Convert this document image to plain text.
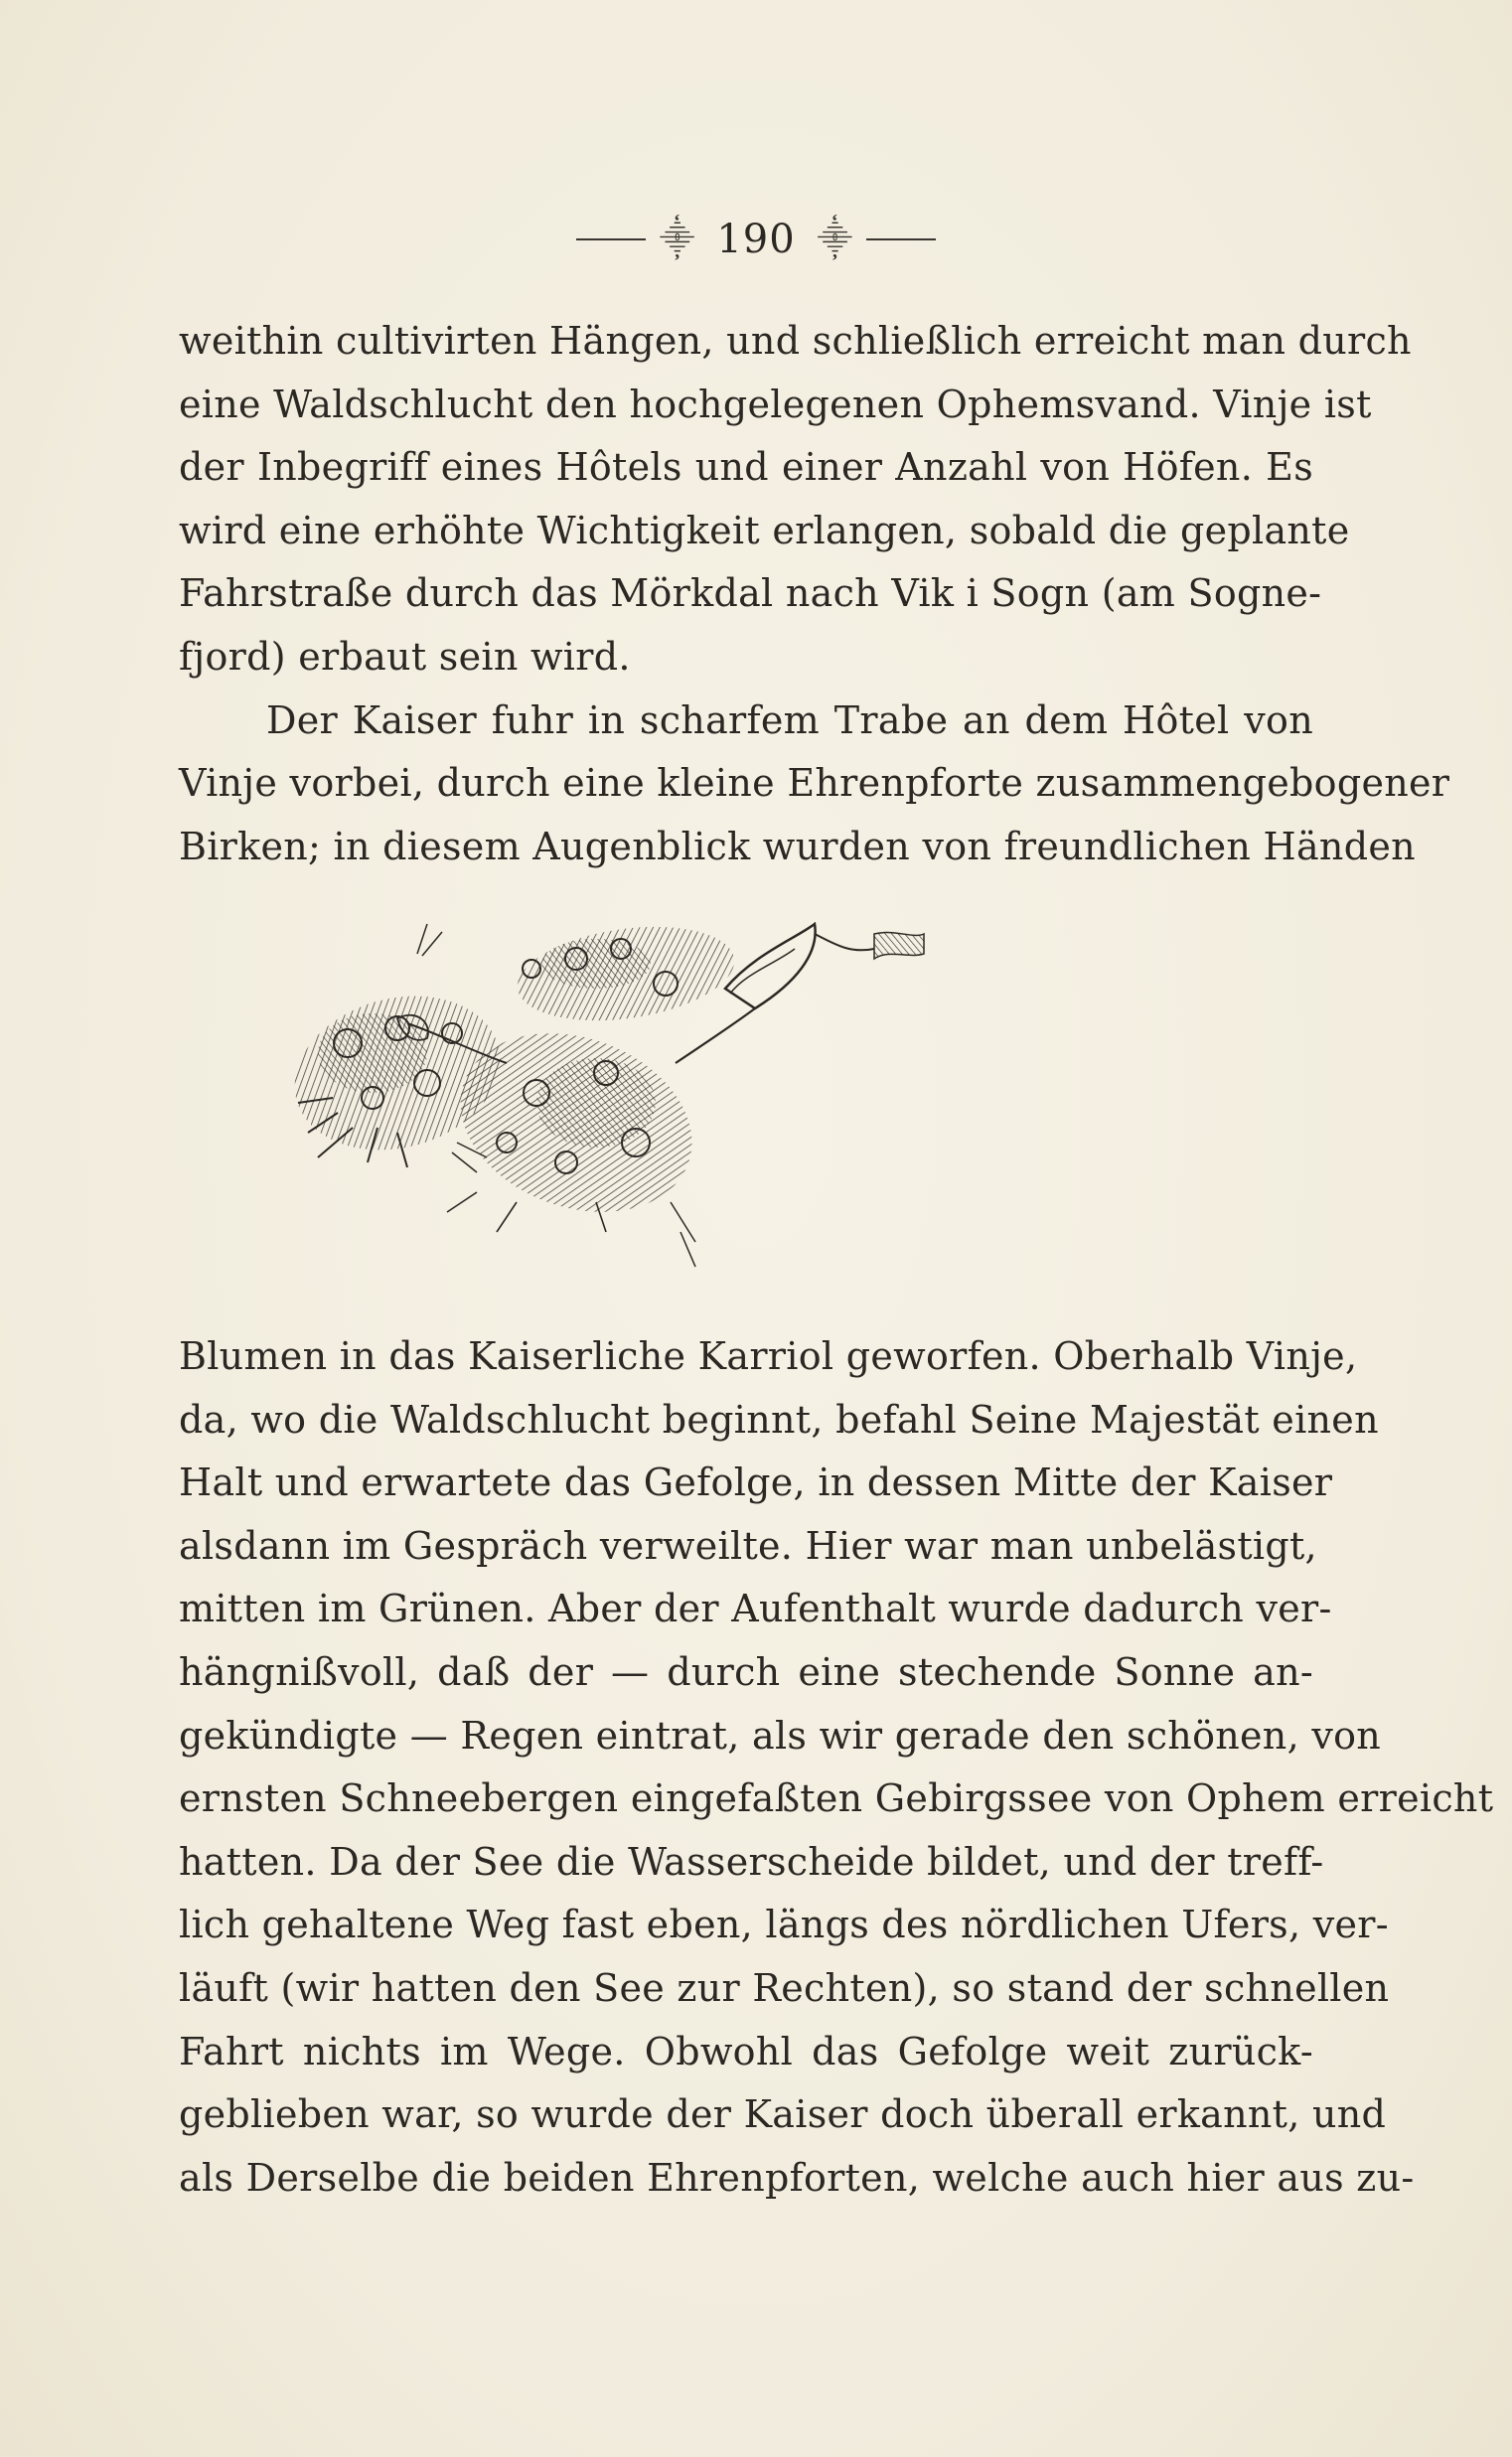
⸎ 190 ⸎
weithin cultivirten Hängen, und schließlich erreicht man durch
eine Waldschlucht den hochgelegenen Ophemsvand. Vinje ist
der Inbegriff eines Hôtels und einer Anzahl von Höfen. Es
wird eine erhöhte Wichtigkeit erlangen, sobald die geplante
Fahrstraße durch das Mörkdal nach Vik i Sogn (am Sogne-
fjord) erbaut sein wird.
Der Kaiser fuhr in scharfem Trabe an dem Hôtel von
Vinje vorbei, durch eine kleine Ehrenpforte zusammengebogener
Birken; in diesem Augenblick wurden von freundlichen Händen
Blumen in das Kaiserliche Karriol geworfen. Oberhalb Vinje,
da, wo die Waldschlucht beginnt, befahl Seine Majestät einen
Halt und erwartete das Gefolge, in dessen Mitte der Kaiser
alsdann im Gespräch verweilte. Hier war man unbelästigt,
mitten im Grünen. Aber der Aufenthalt wurde dadurch ver-
hängnißvoll, daß der — durch eine stechende Sonne an-
gekündigte — Regen eintrat, als wir gerade den schönen, von
ernsten Schneebergen eingefaßten Gebirgssee von Ophem erreicht
hatten. Da der See die Wasserscheide bildet, und der treff-
lich gehaltene Weg fast eben, längs des nördlichen Ufers, ver-
läuft (wir hatten den See zur Rechten), so stand der schnellen
Fahrt nichts im Wege. Obwohl das Gefolge weit zurück-
geblieben war, so wurde der Kaiser doch überall erkannt, und
als Derselbe die beiden Ehrenpforten, welche auch hier aus zu-
